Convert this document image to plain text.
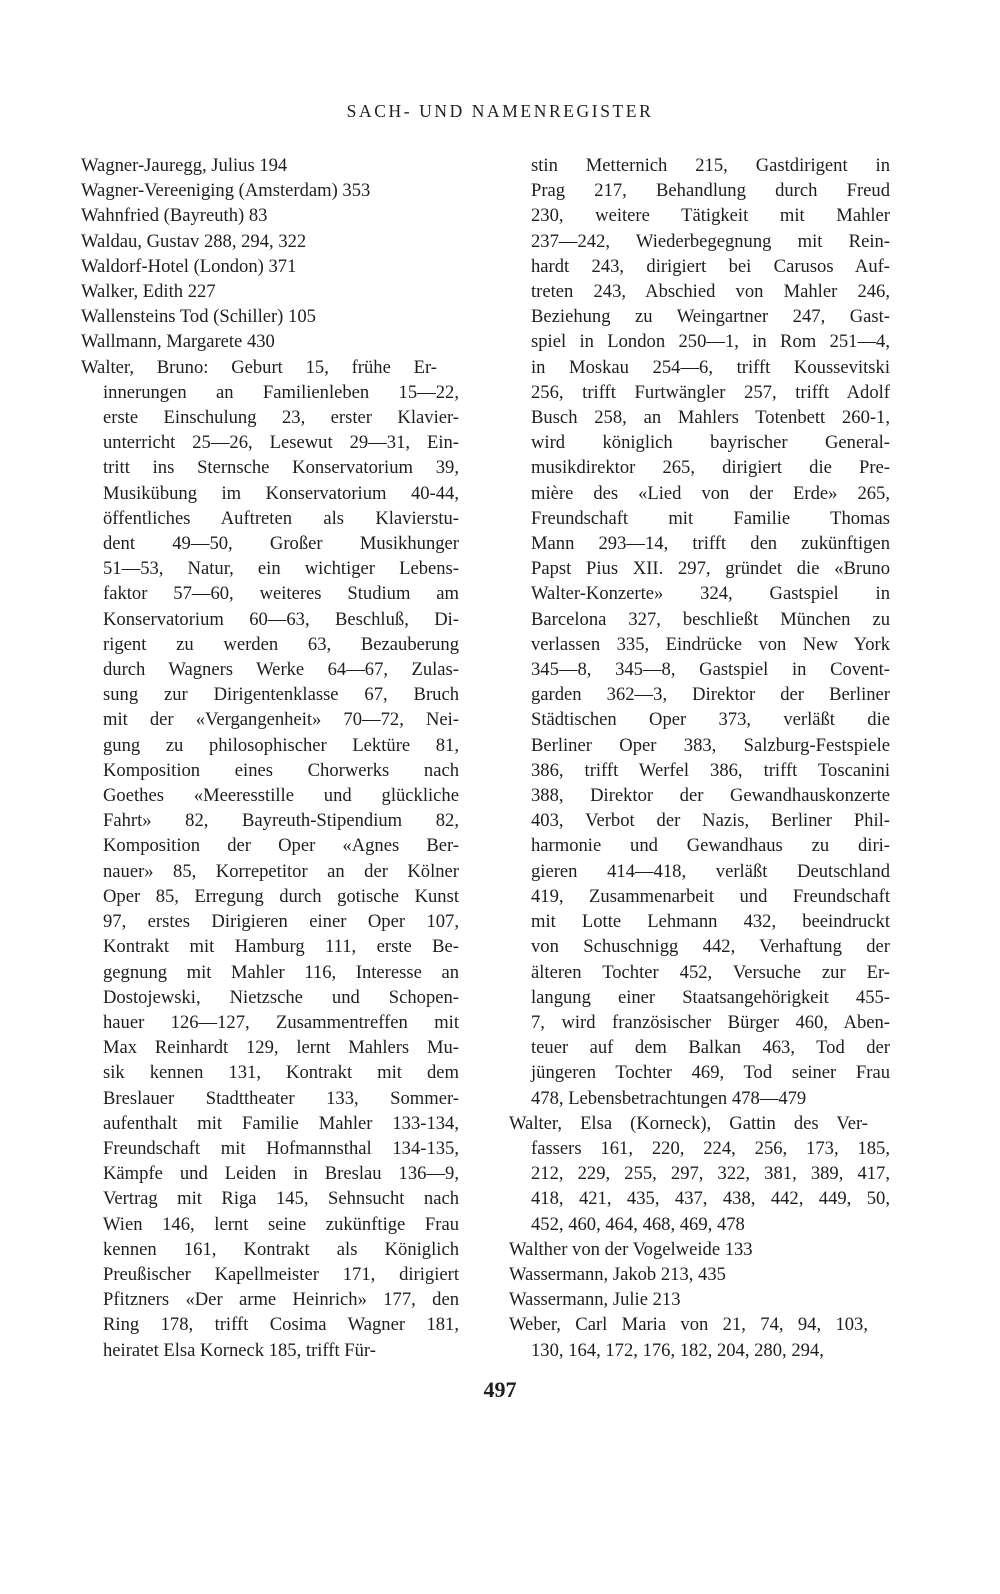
SACH- UND NAMENREGISTER
Wagner-Jauregg, Julius 194
Wagner-Vereeniging (Amsterdam) 353
Wahnfried (Bayreuth) 83
Waldau, Gustav 288, 294, 322
Waldorf-Hotel (London) 371
Walker, Edith 227
Wallensteins Tod (Schiller) 105
Wallmann, Margarete 430
Walter, Bruno: Geburt 15, frühe Er-
innerungen an Familienleben 15—22,
erste Einschulung 23, erster Klavier-
unterricht 25—26, Lesewut 29—31, Ein-
tritt ins Sternsche Konservatorium 39,
Musikübung im Konservatorium 40-44,
öffentliches Auftreten als Klavierstu-
dent 49—50, Großer Musikhunger
51—53, Natur, ein wichtiger Lebens-
faktor 57—60, weiteres Studium am
Konservatorium 60—63, Beschluß, Di-
rigent zu werden 63, Bezauberung
durch Wagners Werke 64—67, Zulas-
sung zur Dirigentenklasse 67, Bruch
mit der «Vergangenheit» 70—72, Nei-
gung zu philosophischer Lektüre 81,
Komposition eines Chorwerks nach
Goethes «Meeresstille und glückliche
Fahrt» 82, Bayreuth-Stipendium 82,
Komposition der Oper «Agnes Ber-
nauer» 85, Korrepetitor an der Kölner
Oper 85, Erregung durch gotische Kunst
97, erstes Dirigieren einer Oper 107,
Kontrakt mit Hamburg 111, erste Be-
gegnung mit Mahler 116, Interesse an
Dostojewski, Nietzsche und Schopen-
hauer 126—127, Zusammentreffen mit
Max Reinhardt 129, lernt Mahlers Mu-
sik kennen 131, Kontrakt mit dem
Breslauer Stadttheater 133, Sommer-
aufenthalt mit Familie Mahler 133-134,
Freundschaft mit Hofmannsthal 134-135,
Kämpfe und Leiden in Breslau 136—9,
Vertrag mit Riga 145, Sehnsucht nach
Wien 146, lernt seine zukünftige Frau
kennen 161, Kontrakt als Königlich
Preußischer Kapellmeister 171, dirigiert
Pfitzners «Der arme Heinrich» 177, den
Ring 178, trifft Cosima Wagner 181,
heiratet Elsa Korneck 185, trifft Für-
stin Metternich 215, Gastdirigent in
Prag 217, Behandlung durch Freud
230, weitere Tätigkeit mit Mahler
237—242, Wiederbegegnung mit Rein-
hardt 243, dirigiert bei Carusos Auf-
treten 243, Abschied von Mahler 246,
Beziehung zu Weingartner 247, Gast-
spiel in London 250—1, in Rom 251—4,
in Moskau 254—6, trifft Koussevitski
256, trifft Furtwängler 257, trifft Adolf
Busch 258, an Mahlers Totenbett 260-1,
wird königlich bayrischer General-
musikdirektor 265, dirigiert die Pre-
mière des «Lied von der Erde» 265,
Freundschaft mit Familie Thomas
Mann 293—14, trifft den zukünftigen
Papst Pius XII. 297, gründet die «Bruno
Walter-Konzerte» 324, Gastspiel in
Barcelona 327, beschließt München zu
verlassen 335, Eindrücke von New York
345—8, 345—8, Gastspiel in Covent-
garden 362—3, Direktor der Berliner
Städtischen Oper 373, verläßt die
Berliner Oper 383, Salzburg-Festspiele
386, trifft Werfel 386, trifft Toscanini
388, Direktor der Gewandhauskonzerte
403, Verbot der Nazis, Berliner Phil-
harmonie und Gewandhaus zu diri-
gieren 414—418, verläßt Deutschland
419, Zusammenarbeit und Freundschaft
mit Lotte Lehmann 432, beeindruckt
von Schuschnigg 442, Verhaftung der
älteren Tochter 452, Versuche zur Er-
langung einer Staatsangehörigkeit 455-
7, wird französischer Bürger 460, Aben-
teuer auf dem Balkan 463, Tod der
jüngeren Tochter 469, Tod seiner Frau
478, Lebensbetrachtungen 478—479
Walter, Elsa (Korneck), Gattin des Ver-
fassers 161, 220, 224, 256, 173, 185,
212, 229, 255, 297, 322, 381, 389, 417,
418, 421, 435, 437, 438, 442, 449, 50,
452, 460, 464, 468, 469, 478
Walther von der Vogelweide 133
Wassermann, Jakob 213, 435
Wassermann, Julie 213
Weber, Carl Maria von 21, 74, 94, 103,
130, 164, 172, 176, 182, 204, 280, 294,
497
